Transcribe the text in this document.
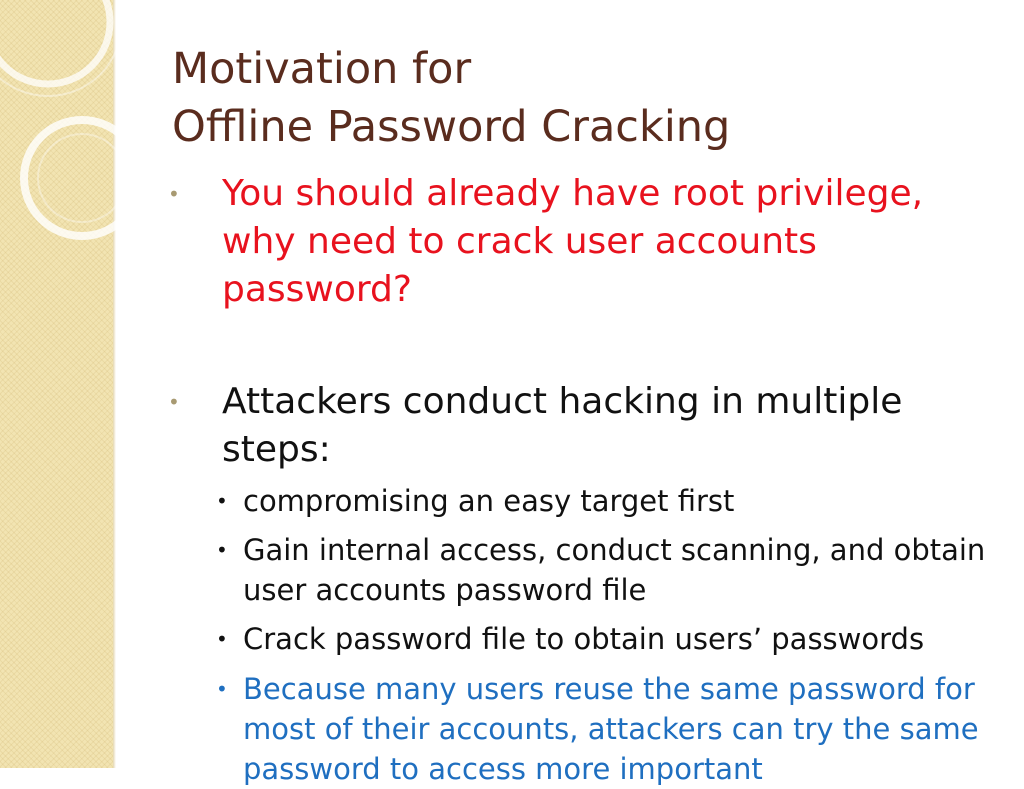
Motivation for
Offline Password Cracking
• You should already have root privilege, why need to crack user accounts password?
• Attackers conduct hacking in multiple steps:
• compromising an easy target first
• Gain internal access, conduct scanning, and obtain user accounts password file
• Crack password file to obtain users’ passwords
• Because many users reuse the same password for most of their accounts, attackers can try the same password to access more important
